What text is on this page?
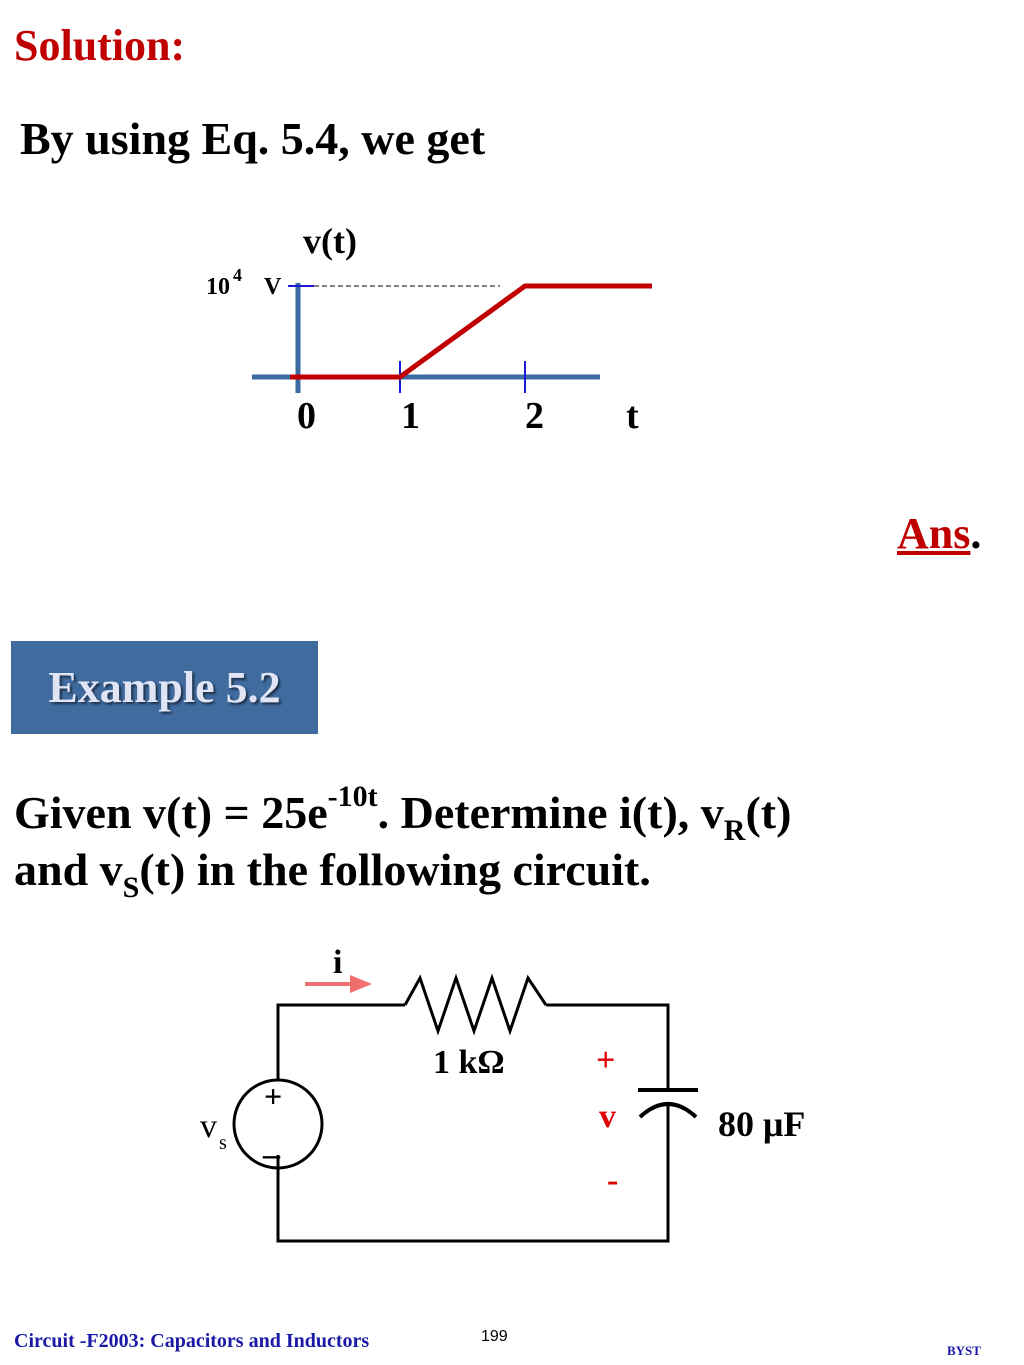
Solution:
By using Eq. 5.4, we get
v(t)
10 4 V
0 1	2 t
Ans.
Example 5.2
Given $v(t) = 25e^{-10t}$. Determine i(t), $v_R(t)$
and $v_S(t)$ in the following circuit.
i
1 kΩ
80 μF
+
v
-
+
–
v s
Circuit -F2003: Capacitors and Inductors	199
BYST
